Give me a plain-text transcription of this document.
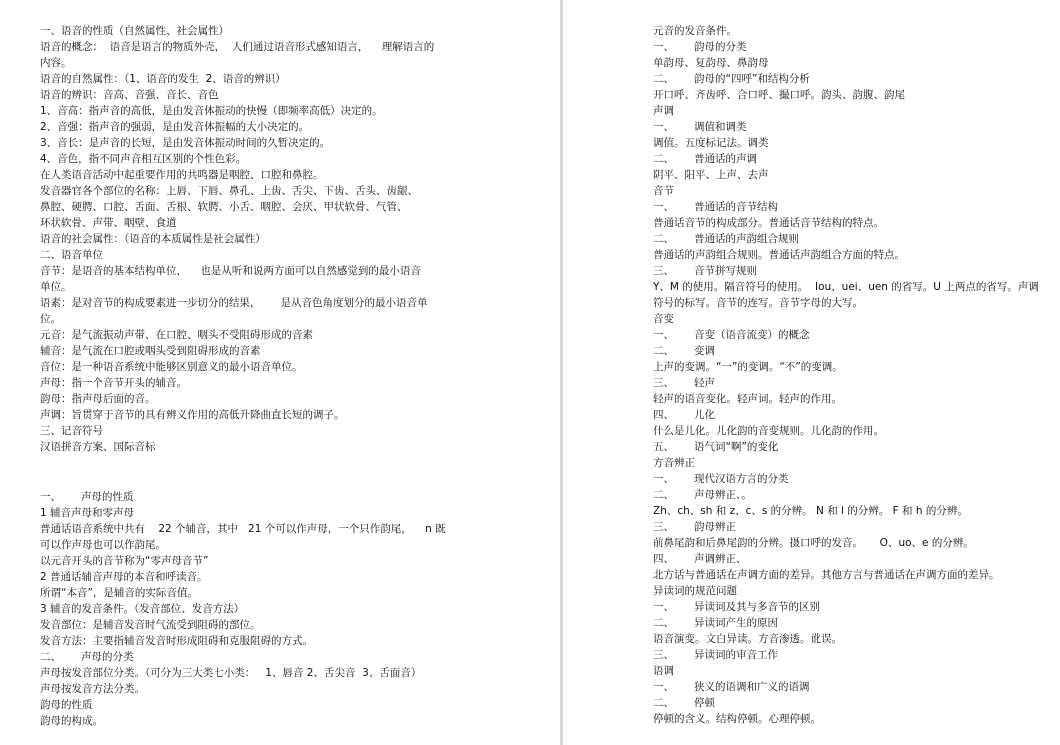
一、语音的性质（自然属性、社会属性）
语音的概念：  语音是语言的物质外壳，  人们通过语音形式感知语言，    理解语言的
内容。
语音的自然属性：（1、语音的发生  2、语音的辨识）
语音的辨识：音高、音强、音长、音色
1、音高：指声音的高低，是由发音体振动的快慢（即频率高低）决定的。
2、音强：指声音的强弱，是由发音体振幅的大小决定的。
3、音长：是声音的长短，是由发音体振动时间的久暂决定的。
4、音色，指不同声音相互区别的个性色彩。
在人类语音活动中起重要作用的共鸣器是咽腔、口腔和鼻腔。
发音器官各个部位的名称：上唇、下唇、鼻孔、上齿、舌尖、下齿、舌头、齿龈、
鼻腔、硬腭、口腔、舌面、舌根、软腭、小舌、咽腔、会厌、甲状软骨、气管、
环状软骨、声带、咽壁、食道
语音的社会属性：（语音的本质属性是社会属性）
二、语音单位
音节：是语音的基本结构单位，    也是从听和说两方面可以自然感觉到的最小语音
单位。
语素：是对音节的构成要素进一步切分的结果，      是从音色角度划分的最小语音单
位。
元音：是气流振动声带、在口腔、咽头不受阻碍形成的音素
辅音：是气流在口腔或咽头受到阻碍形成的音素
音位：是一种语音系统中能够区别意义的最小语音单位。
声母：指一个音节开头的辅音。
韵母：指声母后面的音。
声调：旨贯穿于音节的具有辨义作用的高低升降曲直长短的调子。
三、记音符号
汉语拼音方案、国际音标
一、      声母的性质
1 辅音声母和零声母
普通话语音系统中共有    22 个辅音，其中   21 个可以作声母，一个只作韵尾，    n 既
可以作声母也可以作韵尾。
以元音开头的音节称为“零声母音节”
2 普通话辅音声母的本音和呼读音。
所谓“本音”，是辅音的实际音值。
3 辅音的发音条件。（发音部位、发音方法）
发音部位：是辅音发音时气流受到阻碍的部位。
发音方法：主要指辅音发音时形成阻碍和克服阻碍的方式。
二、      声母的分类
声母按发音部位分类。（可分为三大类七小类：   1、唇音 2、舌尖音  3、舌面音）
声母按发音方法分类。
韵母的性质
韵母的构成。
元音的发音条件。
一、      韵母的分类
单韵母、复韵母、鼻韵母
二、      韵母的“四呼”和结构分析
开口呼、齐齿呼、合口呼、撮口呼。韵头、韵腹、韵尾
声调
一、      调值和调类
调值。五度标记法。调类
二、      普通话的声调
阴平、阳平、上声、去声
音节
一、      普通话的音节结构
普通话音节的构成部分。普通话音节结构的特点。
二、      普通话的声韵组合规则
普通话的声韵组合规则。普通话声韵组合方面的特点。
三、      音节拼写规则
Y、M 的使用。隔音符号的使用。  Iou、uei、uen 的省写。U 上两点的省写。声调
符号的标写。音节的连写。音节字母的大写。
音变
一、      音变（语音流变）的概念
二、      变调
上声的变调。“一”的变调。“不”的变调。
三、      轻声
轻声的语音变化。轻声词。轻声的作用。
四、      儿化
什么是儿化。儿化韵的音变规则。儿化韵的作用。
五、      语气词“啊”的变化
方音辨正
一、      现代汉语方言的分类
二、      声母辨正、。
Zh、ch、sh 和 z、c、s 的分辨。 N 和 l 的分辨。 F 和 h 的分辨。
三、      韵母辨正
前鼻尾韵和后鼻尾韵的分辨。摄口呼的发音。     O、uo、e 的分辨。
四、      声调辨正、
北方话与普通话在声调方面的差异。其他方言与普通话在声调方面的差异。
异读词的规范问题
一、      异读词及其与多音节的区别
二、      异读词产生的原因
语音演变。文白异读。方音渗透。讹误。
三、      异读词的审音工作
语调
一、      狭义的语调和广义的语调
二、      停顿
停顿的含义。结构停顿。心理停顿。
